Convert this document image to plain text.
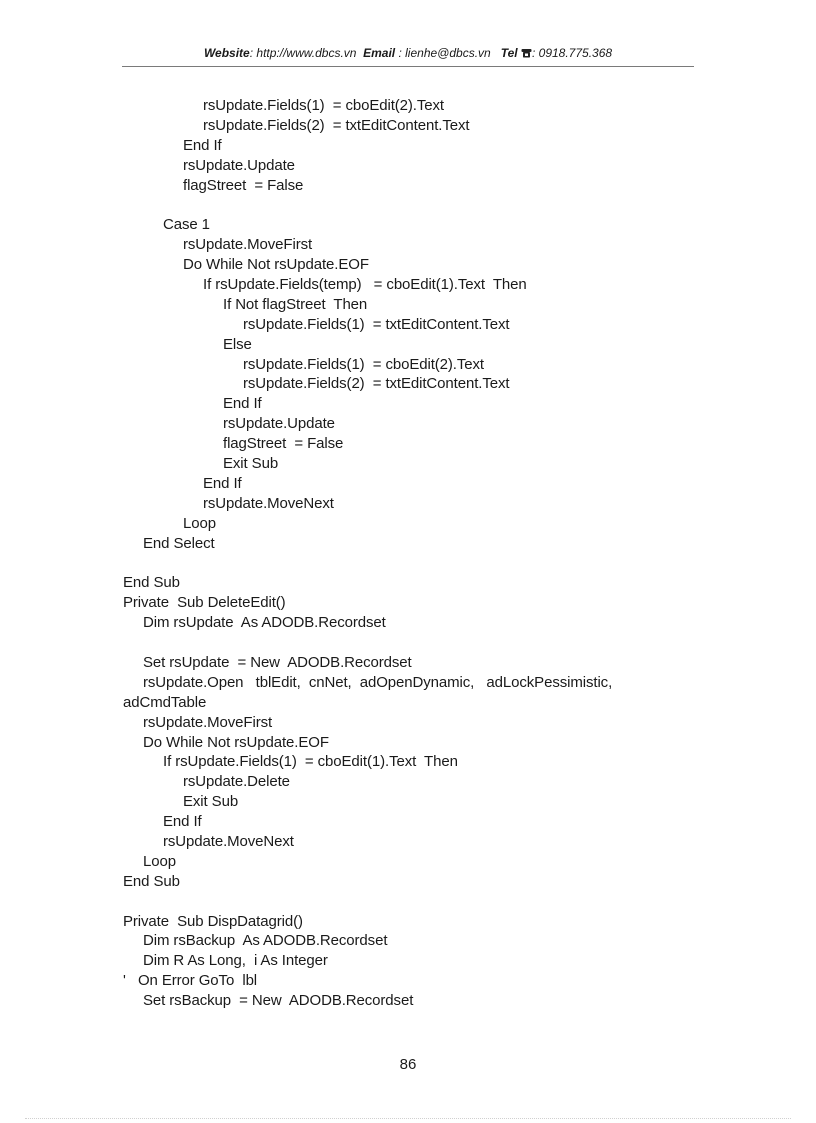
Website: http://www.dbcs.vn Email : lienhe@dbcs.vn Tel : 0918.775.368
rsUpdate.Fields(1)  = cboEdit(2).Text
rsUpdate.Fields(2)  = txtEditContent.Text
End If
rsUpdate.Update
flagStreet  = False
Case 1
rsUpdate.MoveFirst
Do While Not rsUpdate.EOF
If rsUpdate.Fields(temp)   = cboEdit(1).Text  Then
If Not flagStreet  Then
rsUpdate.Fields(1)  = txtEditContent.Text
Else
rsUpdate.Fields(1)  = cboEdit(2).Text
rsUpdate.Fields(2)  = txtEditContent.Text
End If
rsUpdate.Update
flagStreet  = False
Exit Sub
End If
rsUpdate.MoveNext
Loop
End Select
End Sub
Private  Sub DeleteEdit()
Dim rsUpdate  As ADODB.Recordset
Set rsUpdate  = New  ADODB.Recordset
rsUpdate.Open   tblEdit,  cnNet,  adOpenDynamic,   adLockPessimistic,
adCmdTable
rsUpdate.MoveFirst
Do While Not rsUpdate.EOF
If rsUpdate.Fields(1)  = cboEdit(1).Text  Then
rsUpdate.Delete
Exit Sub
End If
rsUpdate.MoveNext
Loop
End Sub
Private  Sub DispDatagrid()
Dim rsBackup  As ADODB.Recordset
Dim R As Long,  i As Integer
'   On Error GoTo  lbl
Set rsBackup  = New  ADODB.Recordset
86
